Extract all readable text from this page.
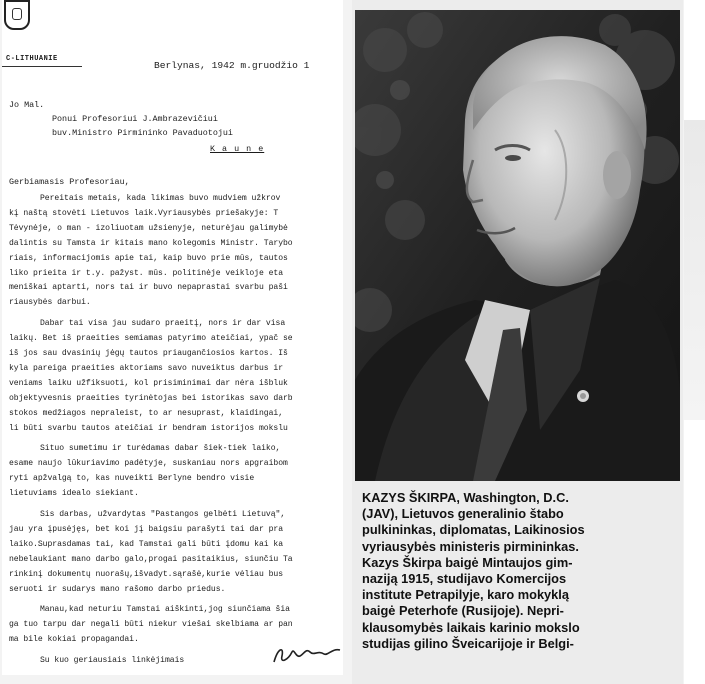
C-LITHUANIE
Berlynas, 1942 m.gruodžio 1
Jo Mal.
Ponui Profesoriui J.Ambrazevičiui
buv.Ministro Pirmininko Pavaduotojui
K a u n e
Gerbiamasis Profesoriau,
Pereitais metais, kada likimas buvo mudviem užkrov
kį naštą stovėti Lietuvos laik.Vyriausybės priešakyje: T
Tėvynėje, o man - izoliuotam užsienyje, neturėjau galimybė
dalintis su Tamsta ir kitais mano kolegomis Ministr. Tarybo
riais, informacijomis apie tai, kaip buvo prie mūs, tautos
liko prieita ir t.y. pažyst. mūs. politinėje veikloje eta
meniškai aptarti, nors tai ir buvo nepaprastai svarbu paši
riausybės darbui.
Dabar tai visa jau sudaro praeitį, nors ir dar visa
laikų. Bet iš praeities semiamas patyrimo ateičiai, ypač se
iš jos sau dvasinių jėgų tautos priaugančiosios kartos. Iš
kyla pareiga praeities aktoriams savo nuveiktus darbus ir
veniams laiku užfiksuoti, kol prisiminimai dar nėra išbluk
objektyvesnis praeities tyrinėtojas bei istorikas savo darb
stokos medžiagos nepraleist, to ar nesuprast, klaidingai,
li būti svarbu tautos ateičiai ir bendram istorijos mokslu
Situo sumetimu ir turėdamas dabar šiek-tiek laiko,
esame naujo lūkuriavimo padėtyje, suskaniau nors apgraibom
ryti apžvalgą to, kas nuveikti Berlyne bendro visie
lietuviams idealo siekiant.
Sis darbas, užvardytas "Pastangos gelbėti Lietuvą",
jau yra įpusėjęs, bet koi jį baigsiu parašyti tai dar pra
laiko.Suprasdamas tai, kad Tamstai gali būti įdomu kai ka
nebelaukiant mano darbo galo,progai pasitaikius, siunčiu Ta
rinkinį dokumentų nuorašų,išvadyt.sąrašė,kurie vėliau bus
seruoti ir sudarys mano rašomo darbo priedus.
Manau,kad neturiu Tamstai aiškinti,jog siunčiama šia
ga tuo tarpu dar negali būti niekur viešai skelbiama ar pan
ma bile kokiai propagandai.
Su kuo geriausiais linkėjimais
KAZYS ŠKIRPA, Washington, D.C.
(JAV), Lietuvos generalinio štabo
pulkininkas, diplomatas, Laikinosios
vyriausybės ministeris pirmininkas.
Kazys Škirpa baigė Mintaujos gim-
naziją 1915, studijavo Komercijos
institute Petrapilyje, karo mokyklą
baigė Peterhofe (Rusijoje). Nepri-
klausomybės laikais karinio mokslo
studijas gilino Šveicarijoje ir Belgi-
